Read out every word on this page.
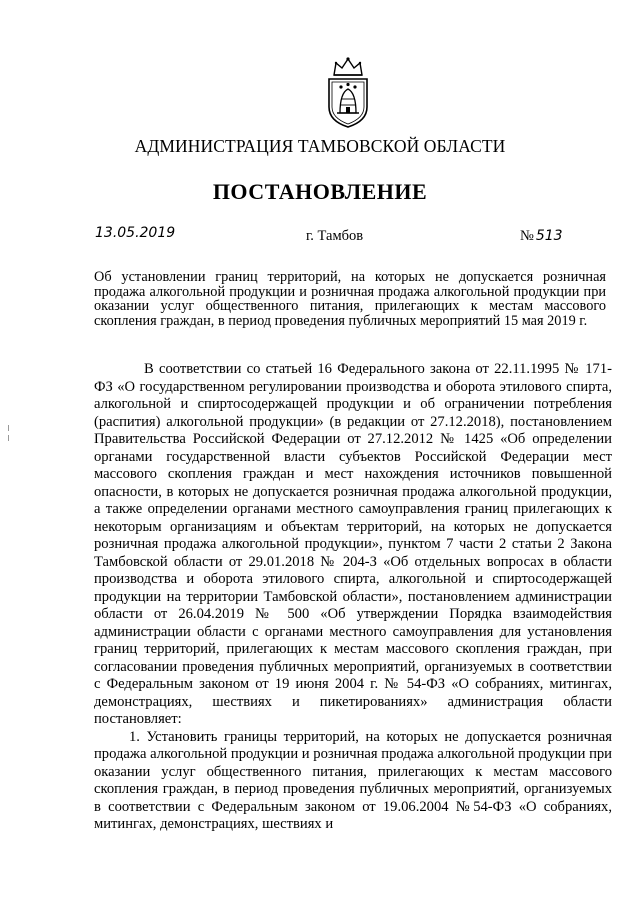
АДМИНИСТРАЦИЯ ТАМБОВСКОЙ ОБЛАСТИ
ПОСТАНОВЛЕНИЕ
13.05.2019	г. Тамбов	№ 513
Об установлении границ территорий, на которых не допускается розничная продажа алкогольной продукции и розничная продажа алкогольной продукции при оказании услуг общественного питания, прилегающих к местам массового скопления граждан, в период проведения публичных мероприятий 15 мая 2019 г.

В соответствии со статьей 16 Федерального закона от 22.11.1995 № 171-ФЗ «О государственном регулировании производства и оборота этилового спирта, алкогольной и спиртосодержащей продукции и об ограничении потребления (распития) алкогольной продукции» (в редакции от 27.12.2018), постановлением Правительства Российской Федерации от 27.12.2012 № 1425 «Об определении органами государственной власти субъектов Российской Федерации мест массового скопления граждан и мест нахождения источников повышенной опасности, в которых не допускается розничная продажа алкогольной продукции, а также определении органами местного самоуправления границ прилегающих к некоторым организациям и объектам территорий, на которых не допускается розничная продажа алкогольной продукции», пунктом 7 части 2 статьи 2 Закона Тамбовской области от 29.01.2018 № 204-З «Об отдельных вопросах в области производства и оборота этилового спирта, алкогольной и спиртосодержащей продукции на территории Тамбовской области», постановлением администрации области от 26.04.2019 № 500 «Об утверждении Порядка взаимодействия администрации области с органами местного самоуправления для установления границ территорий, прилегающих к местам массового скопления граждан, при согласовании проведения публичных мероприятий, организуемых в соответствии с Федеральным законом от 19 июня 2004 г. № 54-ФЗ «О собраниях, митингах, демонстрациях, шествиях и пикетированиях» администрация области постановляет:

1. Установить границы территорий, на которых не допускается розничная продажа алкогольной продукции и розничная продажа алкогольной продукции при оказании услуг общественного питания, прилегающих к местам массового скопления граждан, в период проведения публичных мероприятий, организуемых в соответствии с Федеральным законом от 19.06.2004 №54-ФЗ «О собраниях, митингах, демонстрациях, шествиях и
